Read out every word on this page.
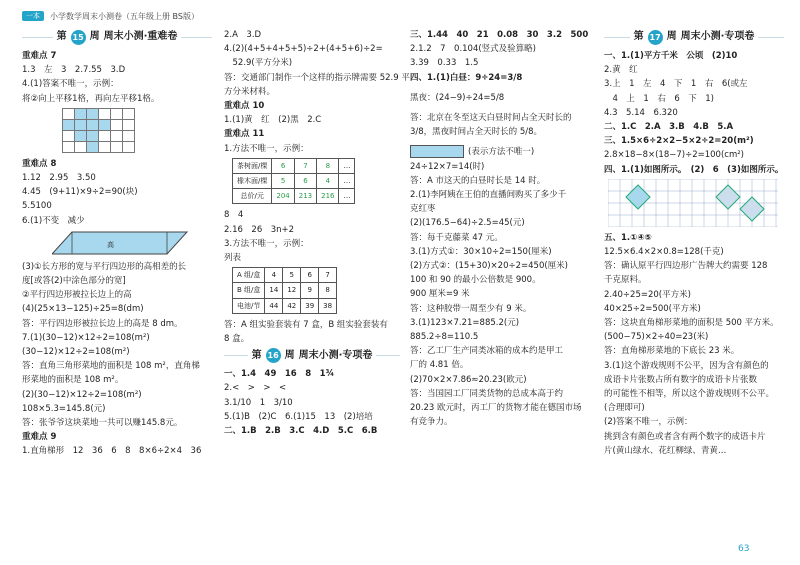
一本	小学数学周末小测卷（五年级上册 BS版）
第 15 周 周末小测·重难卷
重难点 7
1.3　左　3　2.7.55　3.D
4.(1)答案不唯一，示例：
将②向上平移1格，再向左平移1格。
重难点 8
1.12　2.95　3.50
4.45　(9+11)×9÷2=90(块)
5.5100
6.(1)不变　减少
高
(3)①长方形的宽与平行四边形的高相差的长
度[或答(2)中涂色部分的宽]
②平行四边形被拉长边上的高
(4)(25×13−125)÷25=8(dm)
答：平行四边形被拉长边上的高是 8 dm。
7.(1)(30−12)×12÷2=108(m²)
(30−12)×12÷2=108(m²)
答：直角三角形菜地的面积是 108 m²，直角梯
形菜地的面积是 108 m²。
(2)(30−12)×12÷2=108(m²)
108×5.3=145.8(元)
答：张爷爷这块菜地一共可以赚145.8元。
重难点 9
1.直角梯形　12　36　6　8　8×6÷2×4　36
2.A　3.D
4.(2)(4+5+4+5+5)÷2+(4+5+6)÷2=
　52.9(平方分米)
答：交通部门制作一个这样的指示牌需要 52.9 平
方分米材料。
重难点 10
1.(1)黄　红　(2)黑　2.C
重难点 11
1.方法不唯一，示例：
茶树面/棵	6	7	8	…
橡木面/棵	5	6	4	…
总价/元	204	213	216	…
8　4
2.16　26　3n+2
3.方法不唯一，示例：
列表
A 组/盒	4	5	6	7
B 组/盒	14	12	9	8
电池/节	44	42	39	38
答：A 组实验套装有 7 盒，B 组实验套装有
8 盒。
第 16 周 周末小测·专项卷
一、1.4　49　16　8　1¾
2.<　>　>　<
3.1/10　1　3/10
5.(1)B　(2)C　6.(1)15　13　(2)培培
二、1.B　2.B　3.C　4.D　5.C　6.B
三、1.44　40　21　0.08　30　3.2　500
2.1.2　7　0.104(竖式及验算略)
3.39　0.33　1.5
四、1.(1)白昼：9÷24=3/8
黑夜：(24−9)÷24=5/8
答：北京在冬至这天白昼时间占全天时长的
3/8，黑夜时间占全天时长的 5/8。
(表示方法不唯一)
24÷12×7=14(时)
答：A 市这天的白昼时长是 14 时。
2.(1)李阿姨在王伯的直播间购买了多少千
克红枣
(2)(176.5−64)÷2.5=45(元)
答：每千克藤菜 47 元。
3.(1)方式①：30×10÷2=150(厘米)
(2)方式②：(15+30)×20÷2=450(厘米)
100 和 90 的最小公倍数是 900。
900 厘米=9 米
答：这种胶带一周至少有 9 米。
3.(1)123×7.21=885.2(元)
885.2÷8=110.5
答：乙工厂生产同类冰箱的成本约是甲工
厂的 4.81 倍。
(2)70×2×7.86≈20.23(欧元)
答：当国园工厂同类货物的总成本高于约
20.23 欧元时，丙工厂的货物才能在德国市场
有竞争力。
第 17 周 周末小测·专项卷
一、1.(1)平方千米　公顷　(2)10
2.黄　红
3.上　1　左　4　下　1　右　6(或左
　4　上　1　右　6　下　1)
4.3　5.14　6.320
二、1.C　2.A　3.B　4.B　5.A
三、1.5×6÷2×2−5×2÷2=20(m²)
2.8×18−8×(18−7)÷2=100(cm²)
四、1.(1)如图所示。　(2)　6　(3)如图所示。
五、1.①④⑤
12.5×6.4×2×0.8=128(千克)
答：确认原平行四边形广告牌大约需要 128
千克原料。
2.40÷25=20(平方米)
40×25÷2=500(平方米)
答：这块直角梯形菜地的面积是 500 平方米。
(500−75)×2÷40=23(米)
答：直角梯形菜地的下底长 23 米。
3.(1)这个游戏规则不公平，因为含有颜色的
成语卡片张数占所有数字的成语卡片张数
的可能性不相等，所以这个游戏规则不公平。
(合理即可)
(2)答案不唯一，示例：
挑到含有颜色或者含有两个数字的成语卡片
片(黄山绿水、花红柳绿、青黄…
63
